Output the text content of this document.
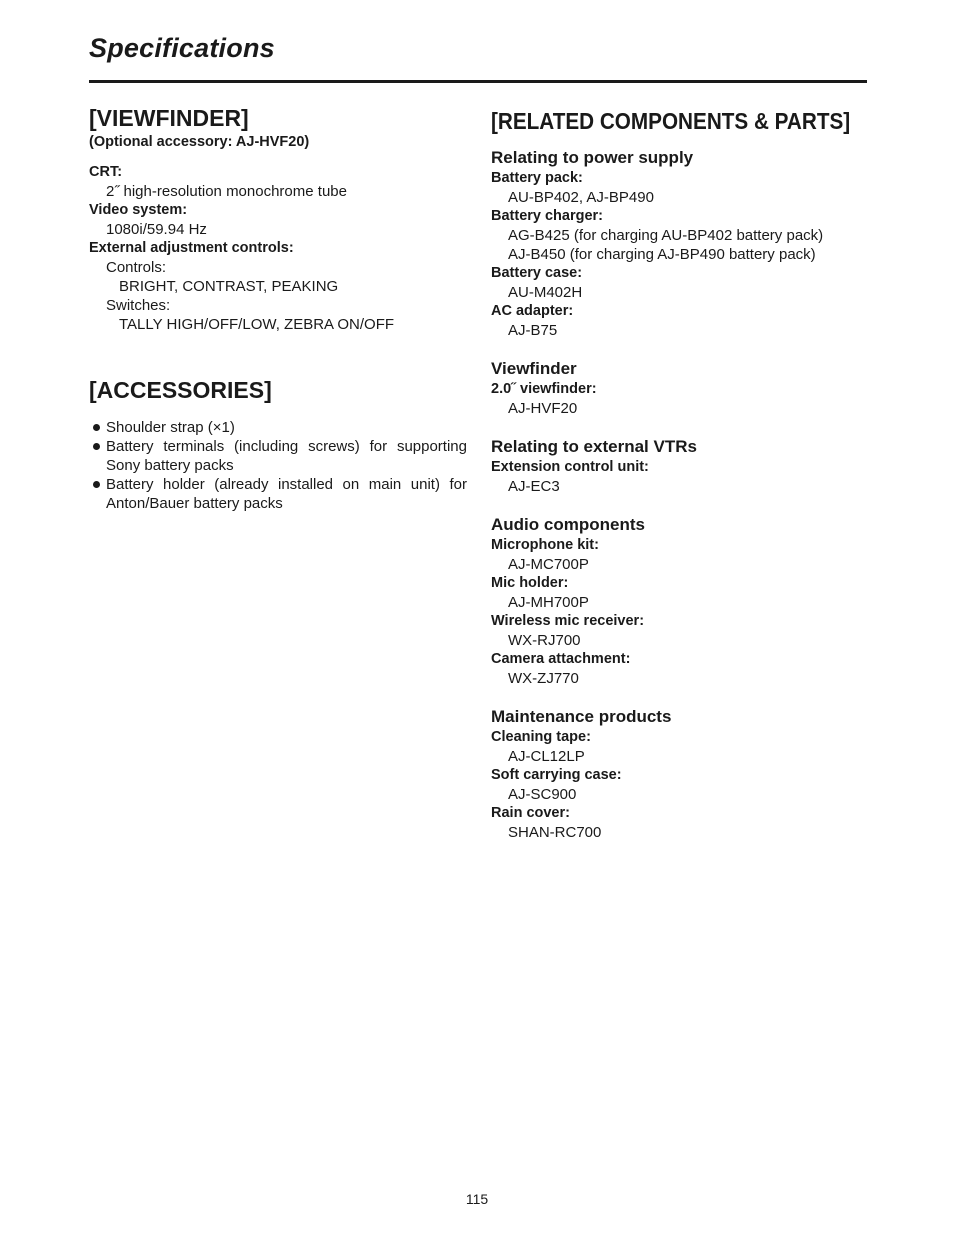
Specifications
[VIEWFINDER]

(Optional accessory: AJ-HVF20)

CRT:

2˝ high-resolution monochrome tube

Video system:

1080i/59.94 Hz

External adjustment controls:

Controls:

BRIGHT, CONTRAST, PEAKING

Switches:

TALLY HIGH/OFF/LOW, ZEBRA ON/OFF

[ACCESSORIES]
Shoulder strap (×1)
Battery terminals (including screws) for supporting Sony battery packs
Battery holder (already installed on main unit) for Anton/Bauer battery packs
[RELATED COMPONENTS & PARTS]

Relating to power supply

Battery pack:

AU-BP402, AJ-BP490

Battery charger:

AG-B425 (for charging AU-BP402 battery pack)

AJ-B450 (for charging AJ-BP490 battery pack)

Battery case:

AU-M402H

AC adapter:

AJ-B75

Viewfinder

2.0˝ viewfinder:

AJ-HVF20

Relating to external VTRs

Extension control unit:

AJ-EC3

Audio components

Microphone kit:

AJ-MC700P

Mic holder:

AJ-MH700P

Wireless mic receiver:

WX-RJ700

Camera attachment:

WX-ZJ770

Maintenance products

Cleaning tape:

AJ-CL12LP

Soft carrying case:

AJ-SC900

Rain cover:

SHAN-RC700

115
